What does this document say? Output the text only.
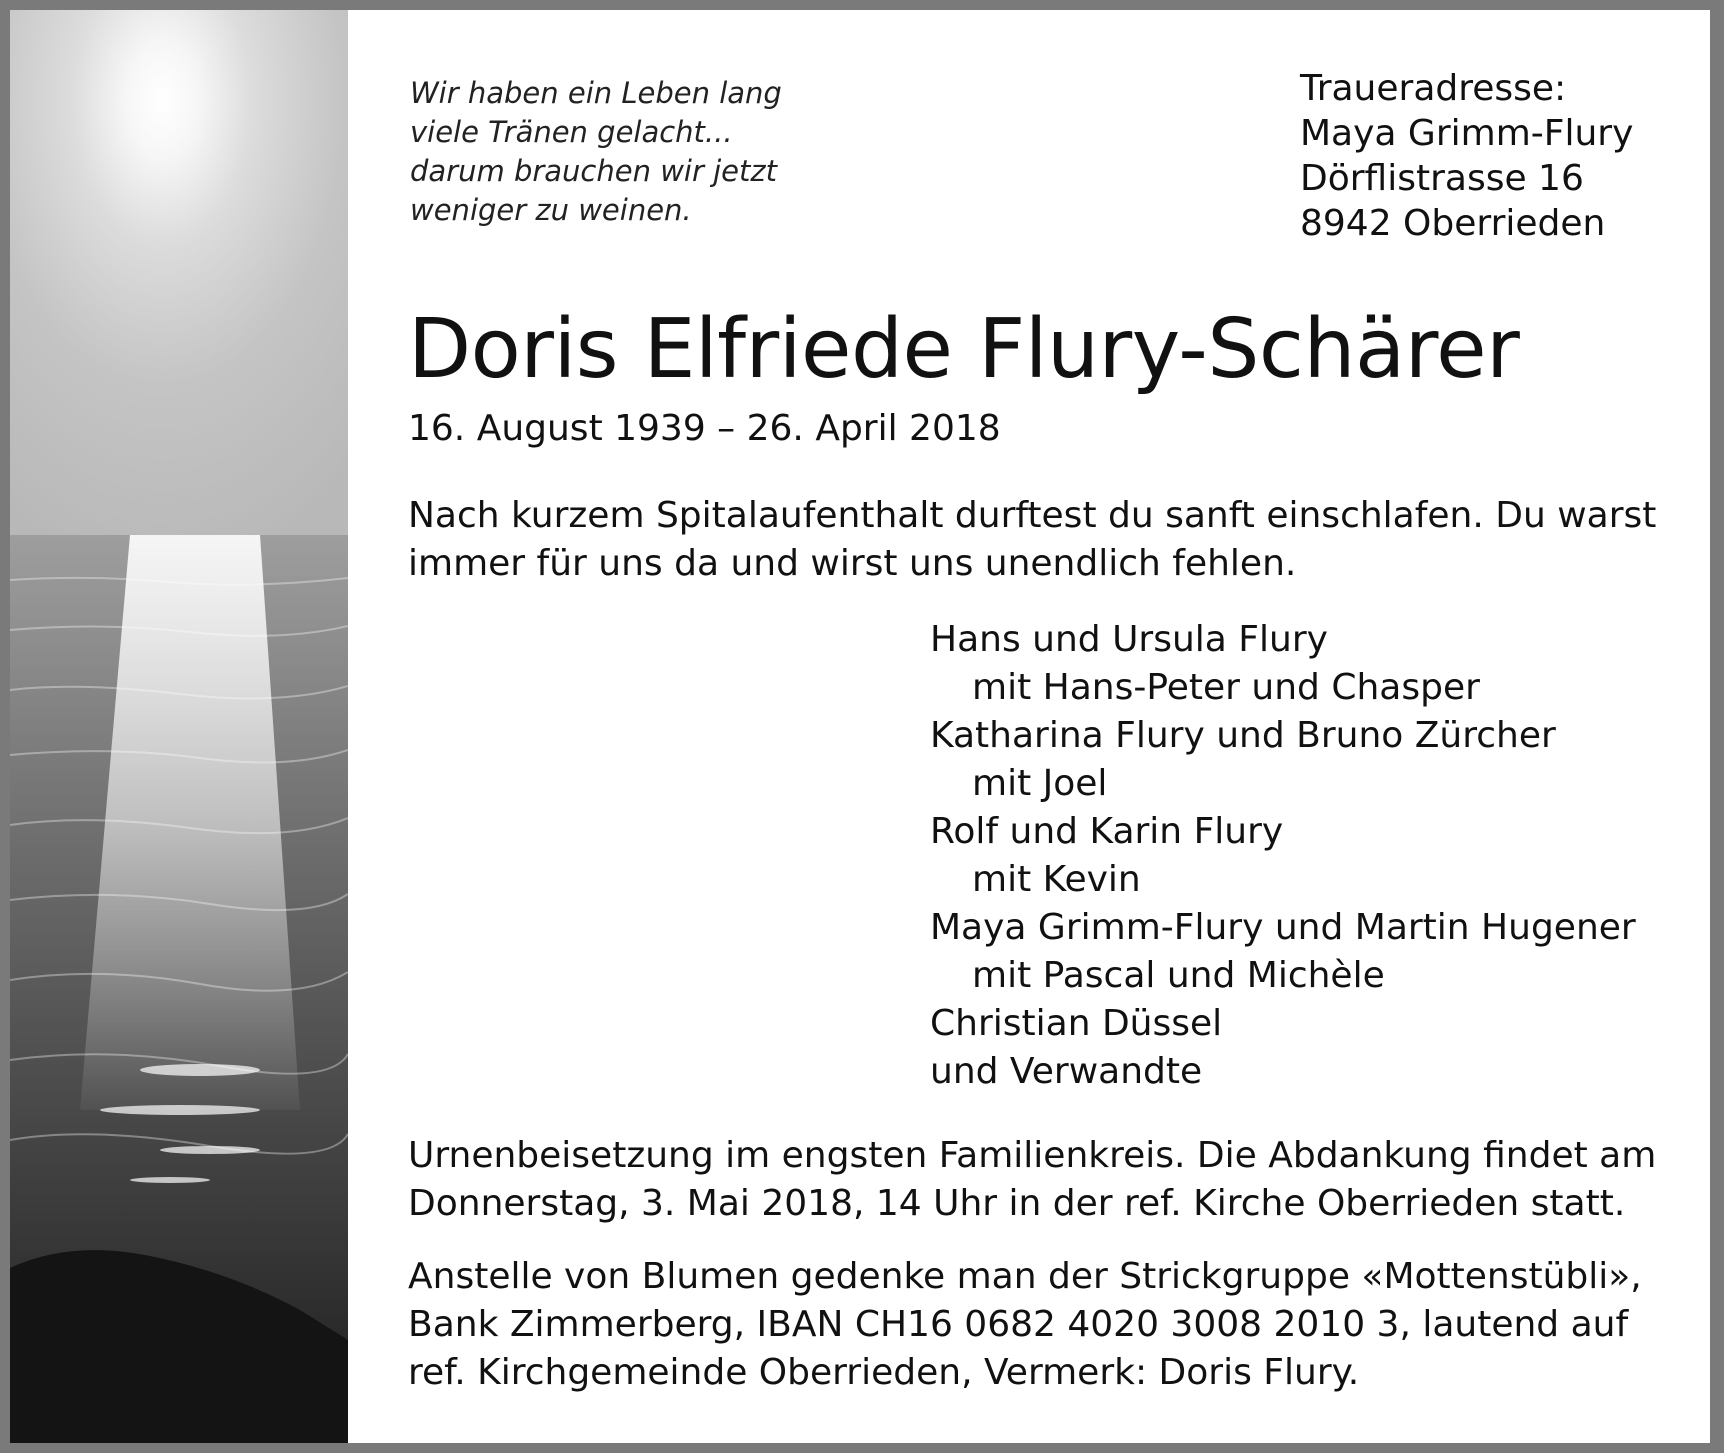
Wir haben ein Leben lang
viele Tränen gelacht...
darum brauchen wir jetzt
weniger zu weinen.
Traueradresse:
Maya Grimm-Flury
Dörflistrasse 16
8942 Oberrieden
Doris Elfriede Flury-Schärer
16. August 1939 – 26. April 2018
Nach kurzem Spitalaufenthalt durftest du sanft einschlafen. Du warst
immer für uns da und wirst uns unendlich fehlen.
Hans und Ursula Flury
mit Hans-Peter und Chasper
Katharina Flury und Bruno Zürcher
mit Joel
Rolf und Karin Flury
mit Kevin
Maya Grimm-Flury und Martin Hugener
mit Pascal und Michèle
Christian Düssel
und Verwandte
Urnenbeisetzung im engsten Familienkreis. Die Abdankung findet am
Donnerstag, 3. Mai 2018, 14 Uhr in der ref. Kirche Oberrieden statt.
Anstelle von Blumen gedenke man der Strickgruppe «Mottenstübli»,
Bank Zimmerberg, IBAN CH16 0682 4020 3008 2010 3, lautend auf
ref. Kirchgemeinde Oberrieden, Vermerk: Doris Flury.
